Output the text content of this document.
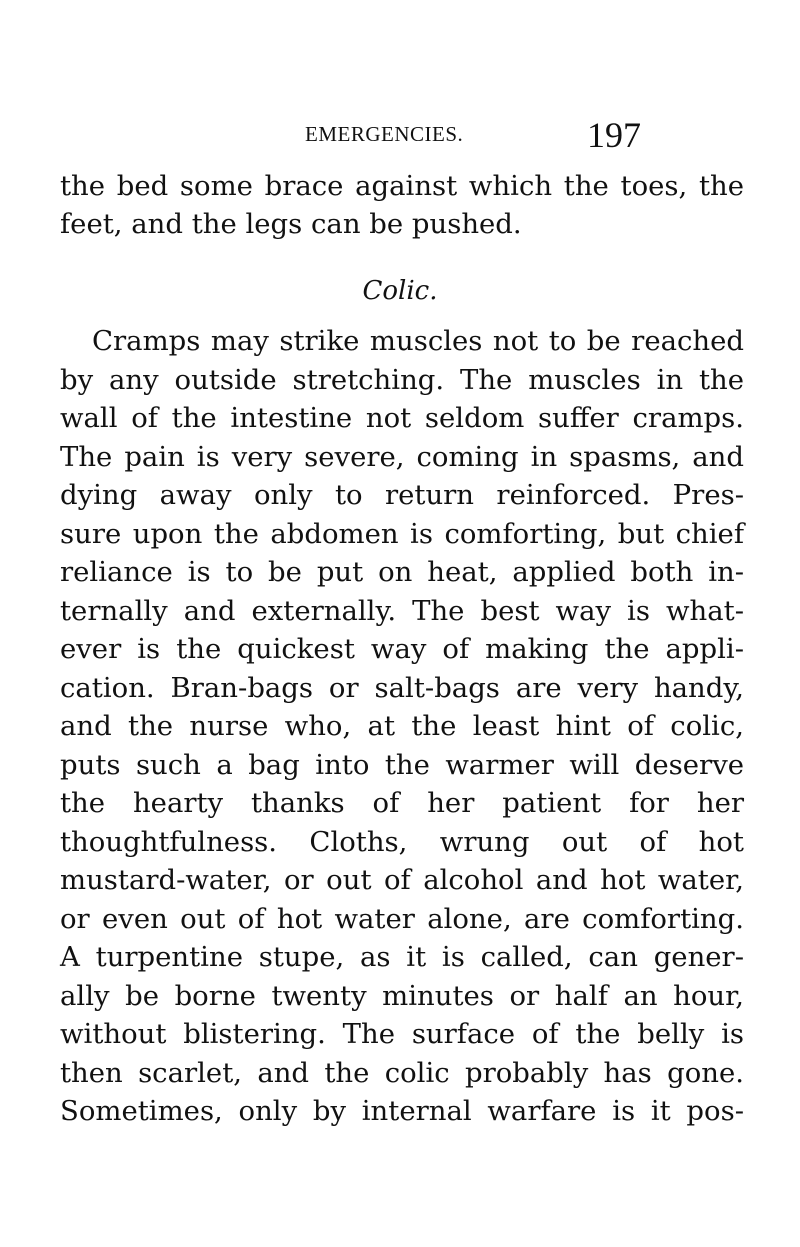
EMERGENCIES.	197
the bed some brace against which the toes, the
feet, and the legs can be pushed.
Colic.
Cramps may strike muscles not to be reached
by any outside stretching. The muscles in the
wall of the intestine not seldom suffer cramps.
The pain is very severe, coming in spasms, and
dying away only to return reinforced. Pres-
sure upon the abdomen is comforting, but chief
reliance is to be put on heat, applied both in-
ternally and externally. The best way is what-
ever is the quickest way of making the appli-
cation. Bran-bags or salt-bags are very handy,
and the nurse who, at the least hint of colic,
puts such a bag into the warmer will deserve
the hearty thanks of her patient for her
thoughtfulness. Cloths, wrung out of hot
mustard-water, or out of alcohol and hot water,
or even out of hot water alone, are comforting.
A turpentine stupe, as it is called, can gener-
ally be borne twenty minutes or half an hour,
without blistering. The surface of the belly is
then scarlet, and the colic probably has gone.
Sometimes, only by internal warfare is it pos-
